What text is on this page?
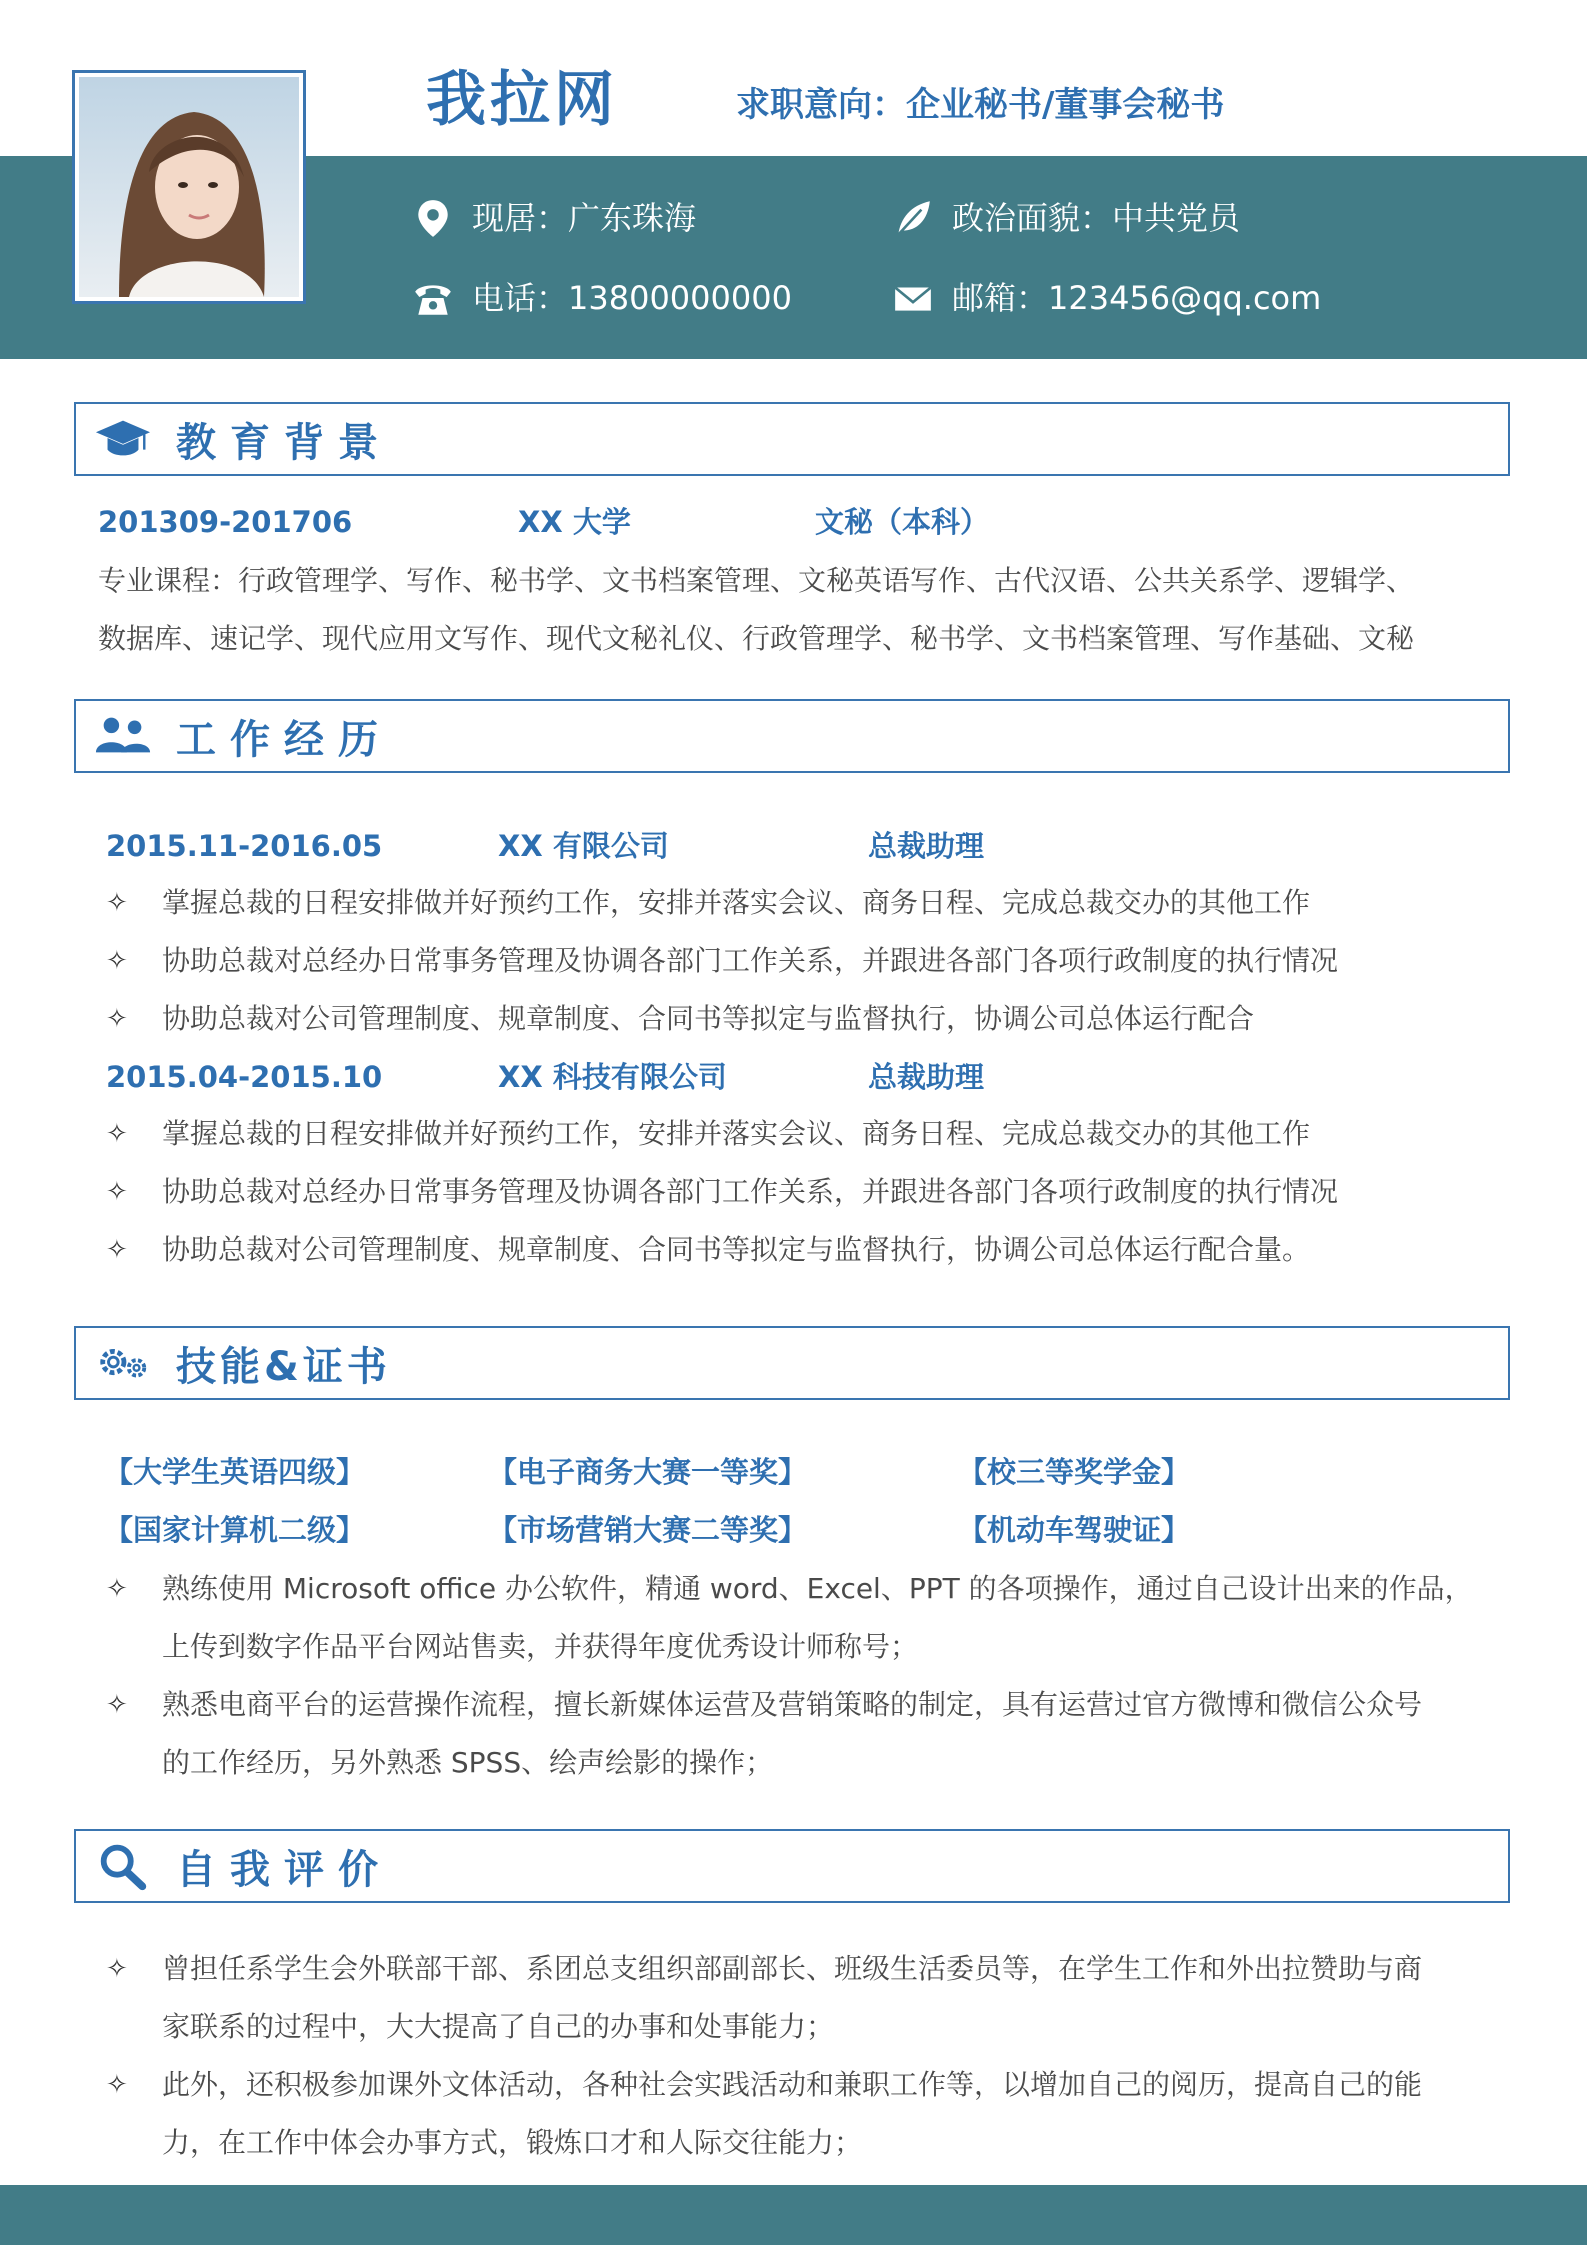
我拉网	求职意向：企业秘书/董事会秘书
现居：广东珠海	政治面貌：中共党员
电话：13800000000	邮箱：123456@qq.com
教育背景
201309-201706	XX 大学	文秘（本科）
专业课程：行政管理学、写作、秘书学、文书档案管理、文秘英语写作、古代汉语、公共关系学、逻辑学、
数据库、速记学、现代应用文写作、现代文秘礼仪、行政管理学、秘书学、文书档案管理、写作基础、文秘
工作经历
2015.11-2016.05	XX 有限公司	总裁助理
✧	掌握总裁的日程安排做并好预约工作，安排并落实会议、商务日程、完成总裁交办的其他工作
✧	协助总裁对总经办日常事务管理及协调各部门工作关系，并跟进各部门各项行政制度的执行情况
✧	协助总裁对公司管理制度、规章制度、合同书等拟定与监督执行，协调公司总体运行配合
2015.04-2015.10	XX 科技有限公司	总裁助理
✧	掌握总裁的日程安排做并好预约工作，安排并落实会议、商务日程、完成总裁交办的其他工作
✧	协助总裁对总经办日常事务管理及协调各部门工作关系，并跟进各部门各项行政制度的执行情况
✧	协助总裁对公司管理制度、规章制度、合同书等拟定与监督执行，协调公司总体运行配合量。
技能&证书
【大学生英语四级】	【电子商务大赛一等奖】	【校三等奖学金】
【国家计算机二级】	【市场营销大赛二等奖】	【机动车驾驶证】
✧	熟练使用 Microsoft office 办公软件，精通 word、Excel、PPT 的各项操作，通过自己设计出来的作品，
上传到数字作品平台网站售卖，并获得年度优秀设计师称号；
✧	熟悉电商平台的运营操作流程，擅长新媒体运营及营销策略的制定，具有运营过官方微博和微信公众号
的工作经历，另外熟悉 SPSS、绘声绘影的操作；
自我评价
✧	曾担任系学生会外联部干部、系团总支组织部副部长、班级生活委员等，在学生工作和外出拉赞助与商
家联系的过程中，大大提高了自己的办事和处事能力；
✧	此外，还积极参加课外文体活动，各种社会实践活动和兼职工作等，以增加自己的阅历，提高自己的能
力，在工作中体会办事方式，锻炼口才和人际交往能力；
